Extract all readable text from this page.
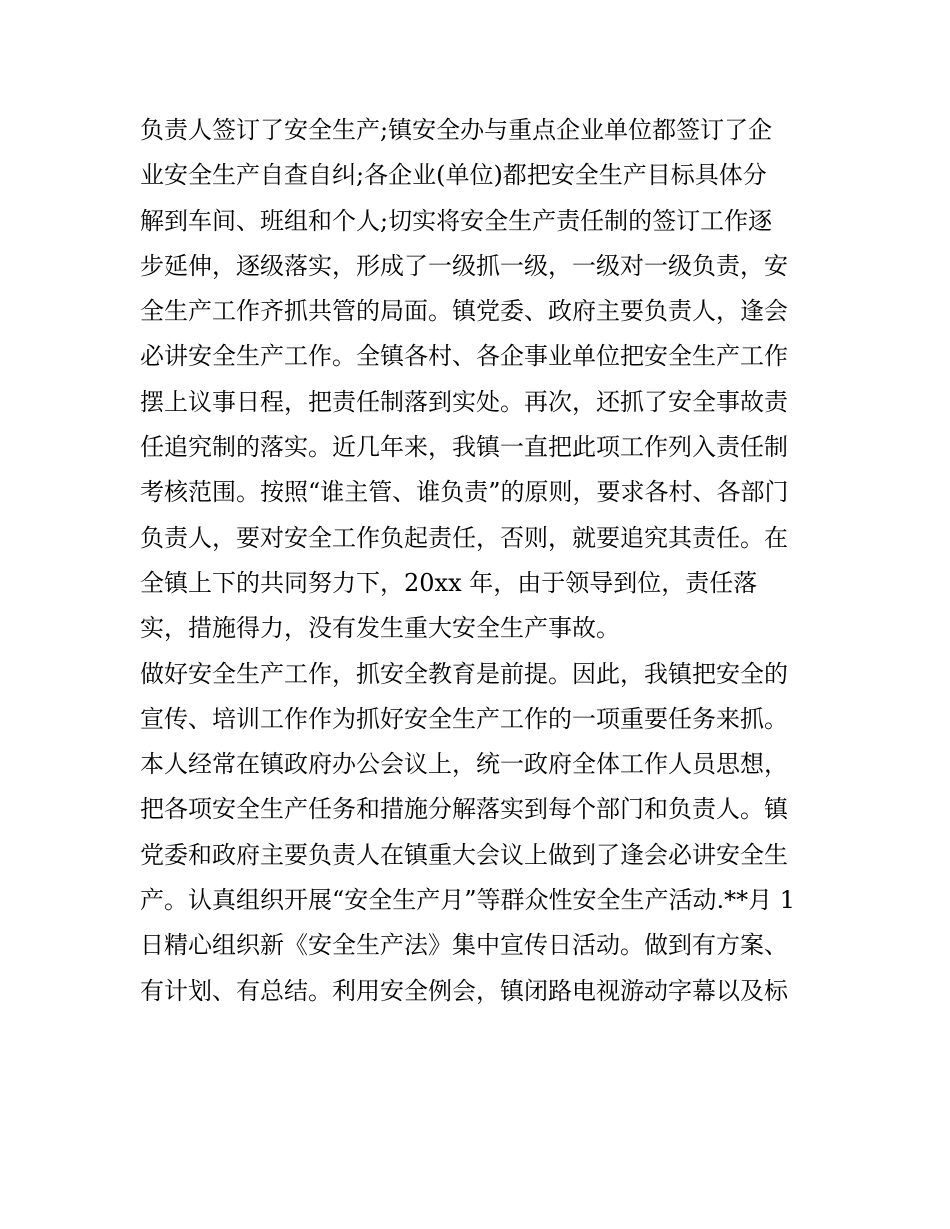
负责人签订了安全生产;镇安全办与重点企业单位都签订了企
业安全生产自查自纠;各企业(单位)都把安全生产目标具体分
解到车间、班组和个人;切实将安全生产责任制的签订工作逐
步延伸，逐级落实，形成了一级抓一级，一级对一级负责，安
全生产工作齐抓共管的局面。镇党委、政府主要负责人，逢会
必讲安全生产工作。全镇各村、各企事业单位把安全生产工作
摆上议事日程，把责任制落到实处。再次，还抓了安全事故责
任追究制的落实。近几年来，我镇一直把此项工作列入责任制
考核范围。按照“谁主管、谁负责”的原则，要求各村、各部门
负责人，要对安全工作负起责任，否则，就要追究其责任。在
全镇上下的共同努力下，20xx 年，由于领导到位，责任落
实，措施得力，没有发生重大安全生产事故。
做好安全生产工作，抓安全教育是前提。因此，我镇把安全的
宣传、培训工作作为抓好安全生产工作的一项重要任务来抓。
本人经常在镇政府办公会议上，统一政府全体工作人员思想，
把各项安全生产任务和措施分解落实到每个部门和负责人。镇
党委和政府主要负责人在镇重大会议上做到了逢会必讲安全生
产。认真组织开展“安全生产月”等群众性安全生产活动.**月 1
日精心组织新《安全生产法》集中宣传日活动。做到有方案、
有计划、有总结。利用安全例会，镇闭路电视游动字幕以及标
